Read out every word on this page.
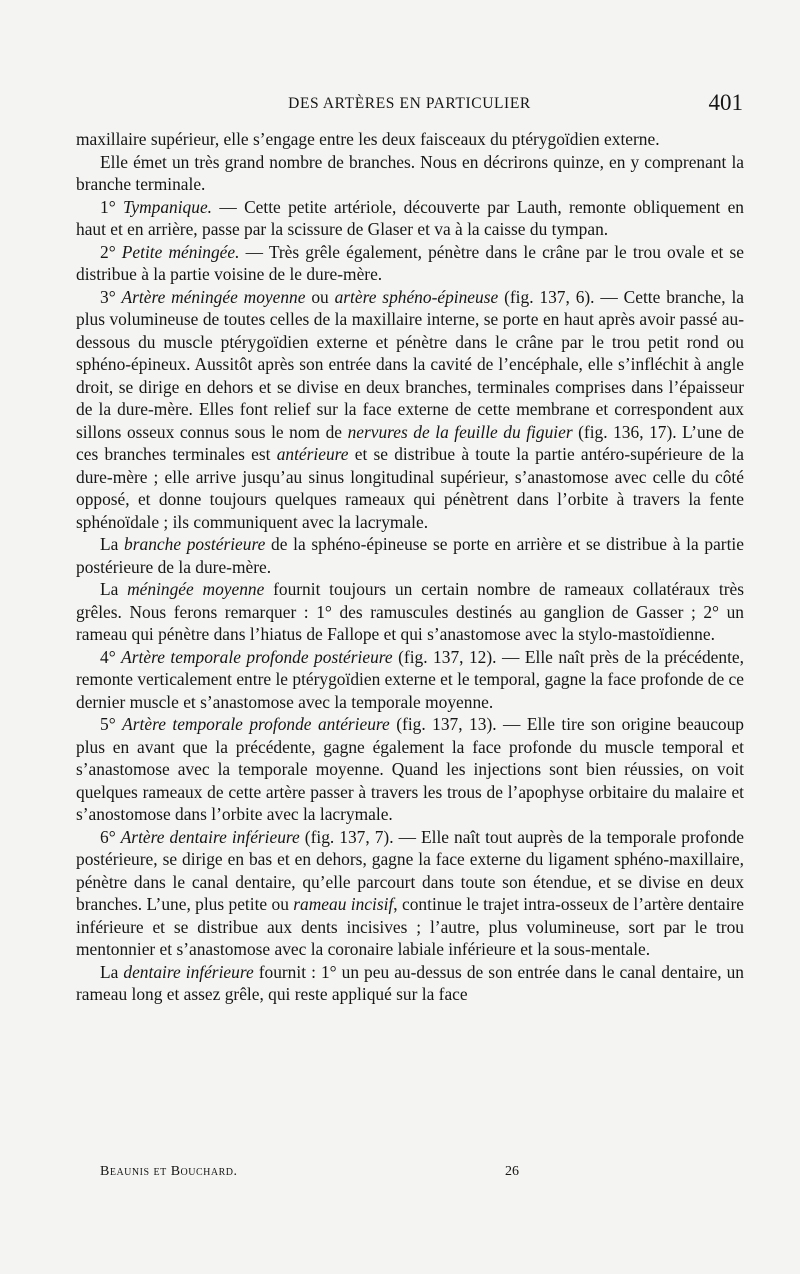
DES ARTÈRES EN PARTICULIER	401

maxillaire supérieur, elle s’engage entre les deux faisceaux du ptérygoïdien externe.

Elle émet un très grand nombre de branches. Nous en décrirons quinze, en y comprenant la branche terminale.

1° Tympanique. — Cette petite artériole, découverte par Lauth, remonte obliquement en haut et en arrière, passe par la scissure de Glaser et va à la caisse du tympan.

2° Petite méningée. — Très grêle également, pénètre dans le crâne par le trou ovale et se distribue à la partie voisine de le dure-mère.

3° Artère méningée moyenne ou artère sphéno-épineuse (fig. 137, 6). — Cette branche, la plus volumineuse de toutes celles de la maxillaire interne, se porte en haut après avoir passé au-dessous du muscle ptérygoïdien externe et pénètre dans le crâne par le trou petit rond ou sphéno-épineux. Aussitôt après son entrée dans la cavité de l’encéphale, elle s’infléchit à angle droit, se dirige en dehors et se divise en deux branches, terminales comprises dans l’épaisseur de la dure-mère. Elles font relief sur la face externe de cette membrane et correspondent aux sillons osseux connus sous le nom de nervures de la feuille du figuier (fig. 136, 17). L’une de ces branches terminales est antérieure et se distribue à toute la partie antéro-supérieure de la dure-mère ; elle arrive jusqu’au sinus longitudinal supérieur, s’anastomose avec celle du côté opposé, et donne toujours quelques rameaux qui pénètrent dans l’orbite à travers la fente sphénoïdale ; ils communiquent avec la lacrymale.

La branche postérieure de la sphéno-épineuse se porte en arrière et se distribue à la partie postérieure de la dure-mère.

La méningée moyenne fournit toujours un certain nombre de rameaux collatéraux très grêles. Nous ferons remarquer : 1° des ramuscules destinés au ganglion de Gasser ; 2° un rameau qui pénètre dans l’hiatus de Fallope et qui s’anastomose avec la stylo-mastoïdienne.

4° Artère temporale profonde postérieure (fig. 137, 12). — Elle naît près de la précédente, remonte verticalement entre le ptérygoïdien externe et le temporal, gagne la face profonde de ce dernier muscle et s’anastomose avec la temporale moyenne.

5° Artère temporale profonde antérieure (fig. 137, 13). — Elle tire son origine beaucoup plus en avant que la précédente, gagne également la face profonde du muscle temporal et s’anastomose avec la temporale moyenne. Quand les injections sont bien réussies, on voit quelques rameaux de cette artère passer à travers les trous de l’apophyse orbitaire du malaire et s’anostomose dans l’orbite avec la lacrymale.

6° Artère dentaire inférieure (fig. 137, 7). — Elle naît tout auprès de la temporale profonde postérieure, se dirige en bas et en dehors, gagne la face externe du ligament sphéno-maxillaire, pénètre dans le canal dentaire, qu’elle parcourt dans toute son étendue, et se divise en deux branches. L’une, plus petite ou rameau incisif, continue le trajet intra-osseux de l’artère dentaire inférieure et se distribue aux dents incisives ; l’autre, plus volumineuse, sort par le trou mentonnier et s’anastomose avec la coronaire labiale inférieure et la sous-mentale.

La dentaire inférieure fournit : 1° un peu au-dessus de son entrée dans le canal dentaire, un rameau long et assez grêle, qui reste appliqué sur la face

Beaunis et Bouchard.	26
